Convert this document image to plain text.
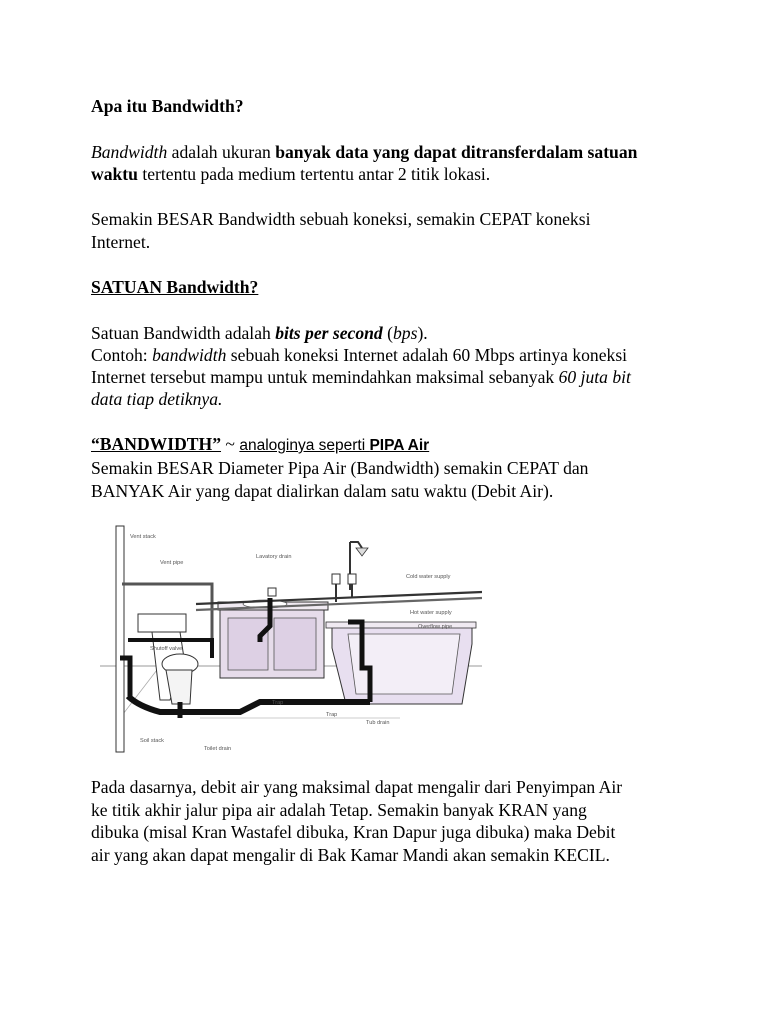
Apa itu Bandwidth?
Bandwidth adalah ukuran banyak data yang dapat ditransferdalam satuan
waktu tertentu pada medium tertentu antar 2 titik lokasi.
Semakin BESAR Bandwidth sebuah koneksi, semakin CEPAT koneksi
Internet.
SATUAN Bandwidth?
Satuan Bandwidth adalah bits per second (bps).
Contoh: bandwidth sebuah koneksi Internet adalah 60 Mbps artinya koneksi
Internet tersebut mampu untuk memindahkan maksimal sebanyak 60 juta bit
data tiap detiknya.
“BANDWIDTH” ~ analoginya seperti PIPA Air
Semakin BESAR Diameter Pipa Air (Bandwidth) semakin CEPAT dan
BANYAK Air yang dapat dialirkan dalam satu waktu (Debit Air).
Vent stack
Vent pipe
Lavatory drain
Cold water supply
Hot water supply
Overflow pipe
Shutoff valve
Trap
Trap
Tub drain
Soil stack
Toilet drain
Pada dasarnya, debit air yang maksimal dapat mengalir dari Penyimpan Air
ke titik akhir jalur pipa air adalah Tetap. Semakin banyak KRAN yang
dibuka (misal Kran Wastafel dibuka, Kran Dapur juga dibuka) maka Debit
air yang akan dapat mengalir di Bak Kamar Mandi akan semakin KECIL.
